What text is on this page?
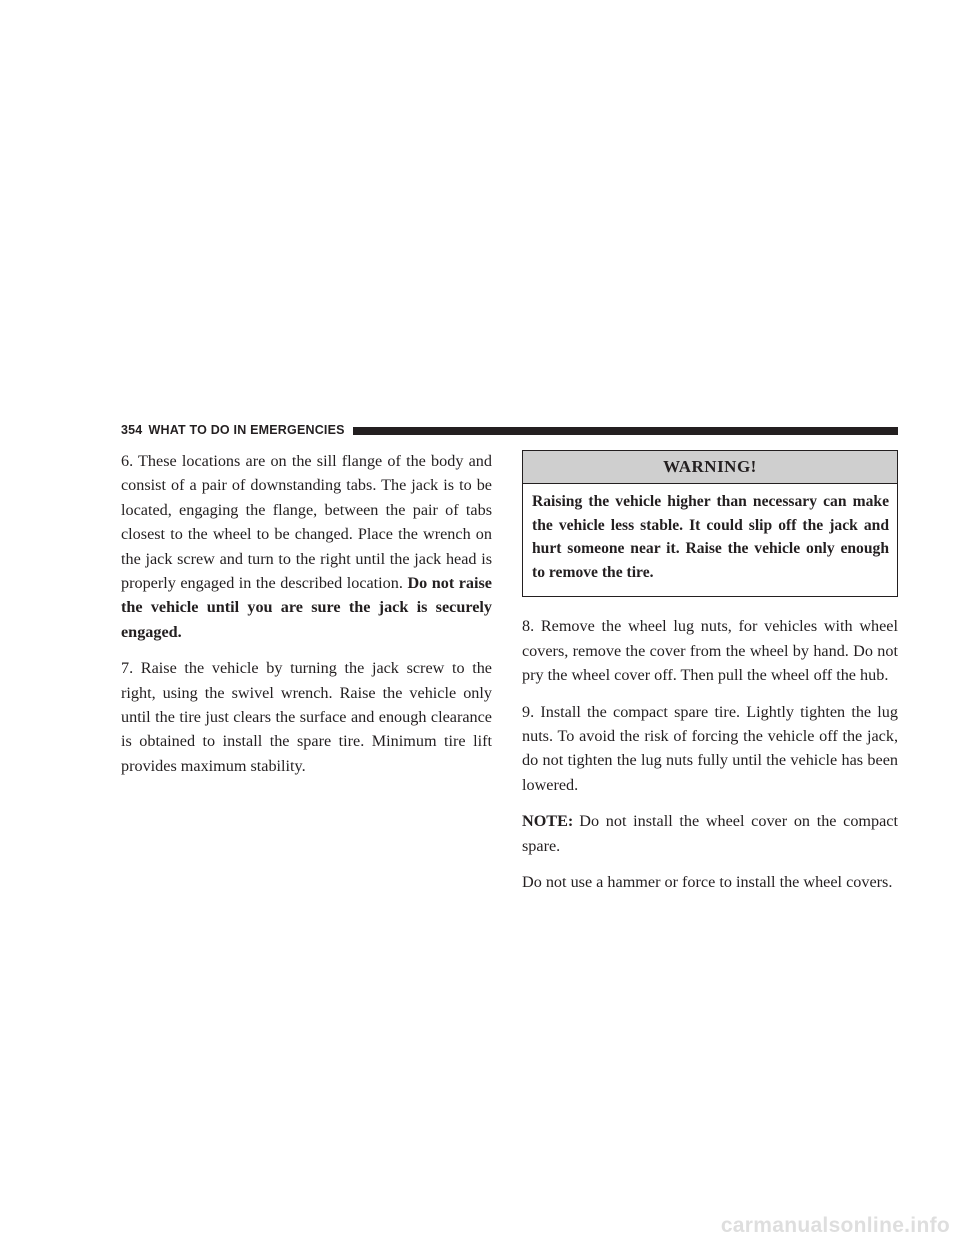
354 WHAT TO DO IN EMERGENCIES

6. These locations are on the sill flange of the body and consist of a pair of downstanding tabs. The jack is to be located, engaging the flange, between the pair of tabs closest to the wheel to be changed. Place the wrench on the jack screw and turn to the right until the jack head is properly engaged in the described location. Do not raise the vehicle until you are sure the jack is securely engaged.

7. Raise the vehicle by turning the jack screw to the right, using the swivel wrench. Raise the vehicle only until the tire just clears the surface and enough clearance is obtained to install the spare tire. Minimum tire lift provides maximum stability.

WARNING!
Raising the vehicle higher than necessary can make the vehicle less stable. It could slip off the jack and hurt someone near it. Raise the vehicle only enough to remove the tire.

8. Remove the wheel lug nuts, for vehicles with wheel covers, remove the cover from the wheel by hand. Do not pry the wheel cover off. Then pull the wheel off the hub.

9. Install the compact spare tire. Lightly tighten the lug nuts. To avoid the risk of forcing the vehicle off the jack, do not tighten the lug nuts fully until the vehicle has been lowered.

NOTE: Do not install the wheel cover on the compact spare.

Do not use a hammer or force to install the wheel covers.

carmanualsonline.info
